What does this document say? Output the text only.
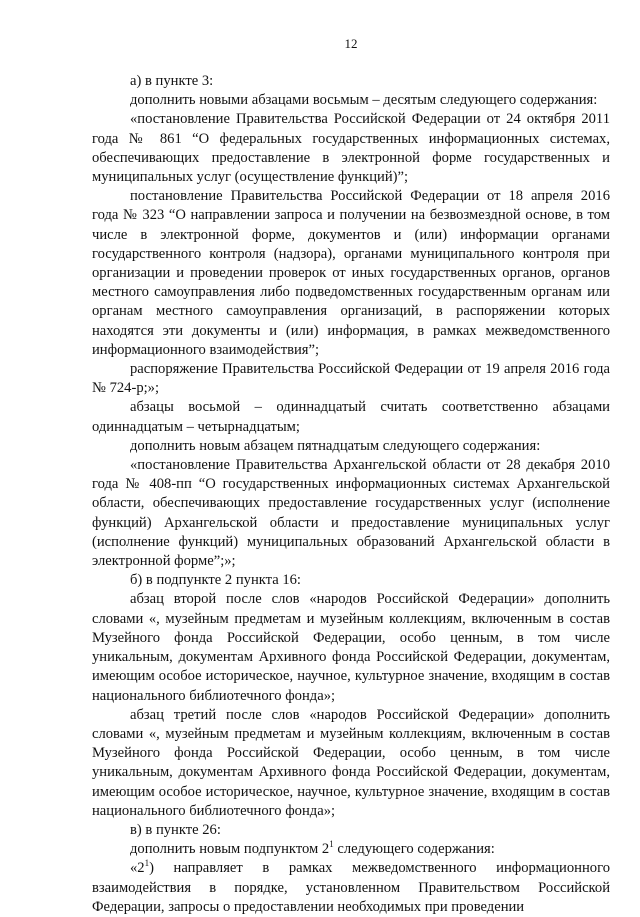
12

а) в пункте 3:

дополнить новыми абзацами восьмым – десятым следующего содержания:

«постановление Правительства Российской Федерации от 24 октября 2011 года № 861 “О федеральных государственных информационных системах, обеспечивающих предоставление в электронной форме государственных и муниципальных услуг (осуществление функций)”;

постановление Правительства Российской Федерации от 18 апреля 2016 года № 323 “О направлении запроса и получении на безвозмездной основе, в том числе в электронной форме, документов и (или) информации органами государственного контроля (надзора), органами муниципального контроля при организации и проведении проверок от иных государственных органов, органов местного самоуправления либо подведомственных государственным органам или органам местного самоуправления организаций, в распоряжении которых находятся эти документы и (или) информация, в рамках межведомственного информационного взаимодействия”;

распоряжение Правительства Российской Федерации от 19 апреля 2016 года № 724-р;»;

абзацы восьмой – одиннадцатый считать соответственно абзацами одиннадцатым – четырнадцатым;

дополнить новым абзацем пятнадцатым следующего содержания:

«постановление Правительства Архангельской области от 28 декабря 2010 года № 408-пп “О государственных информационных системах Архангельской области, обеспечивающих предоставление государственных услуг (исполнение функций) Архангельской области и предоставление муниципальных услуг (исполнение функций) муниципальных образований Архангельской области в электронной форме”;»;

б) в подпункте 2 пункта 16:

абзац второй после слов «народов Российской Федерации» дополнить словами «, музейным предметам и музейным коллекциям, включенным в состав Музейного фонда Российской Федерации, особо ценным, в том числе уникальным, документам Архивного фонда Российской Федерации, документам, имеющим особое историческое, научное, культурное значение, входящим в состав национального библиотечного фонда»;

абзац третий после слов «народов Российской Федерации» дополнить словами «, музейным предметам и музейным коллекциям, включенным в состав Музейного фонда Российской Федерации, особо ценным, в том числе уникальным, документам Архивного фонда Российской Федерации, документам, имеющим особое историческое, научное, культурное значение, входящим в состав национального библиотечного фонда»;

в) в пункте 26:

дополнить новым подпунктом $2^1$ следующего содержания:

«$2^1$) направляет в рамках межведомственного информационного взаимодействия в порядке, установленном Правительством Российской Федерации, запросы о предоставлении необходимых при проведении
